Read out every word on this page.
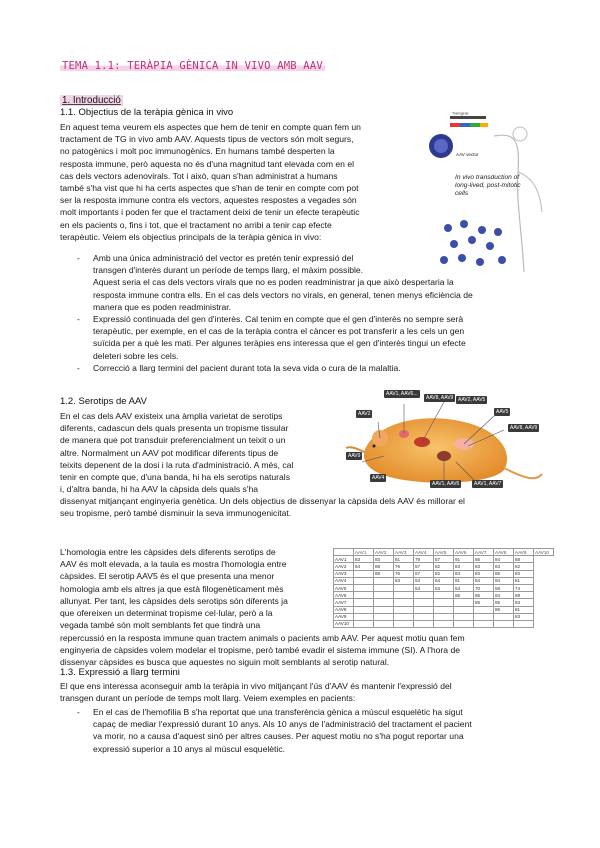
TEMA 1.1: TERÀPIA GÈNICA IN VIVO AMB AAV
1. Introducció
1.1. Objectius de la teràpia gènica in vivo
En aquest tema veurem els aspectes que hem de tenir en compte quan fem un
tractament de TG in vivo amb AAV. Aquests tipus de vectors són molt segurs,
no patogènics i molt poc immunogènics. En humans també desperten la
resposta immune, però aquesta no és d'una magnitud tant elevada com en el
cas dels vectors adenovirals. Tot i això, quan s'han administrat a humans
també s'ha vist que hi ha certs aspectes que s'han de tenir en compte com pot
ser la resposta immune contra els vectors, aquestes respostes a vegades són
molt importants i poden fer que el tractament deixi de tenir un efecte terapèutic
en els pacients o, fins i tot, que el tractament no arribi a tenir cap efecte
terapèutic. Veiem els objectius principals de la teràpia gènica in vivo:
Transgene
AAV vector
In vivo transduction of long-lived, post-mitotic cells
- Amb una única administració del vector es pretén tenir expressió del
transgen d'interès durant un període de temps llarg, el màxim possible.
Aquest seria el cas dels vectors virals que no es poden readministrar ja que això despertaria la
resposta immune contra ells. En el cas dels vectors no virals, en general, tenen menys eficiència de
manera que es poden readministrar.
- Expressió continuada del gen d'interès. Cal tenim en compte que el gen d'interès no sempre serà
terapèutic, per exemple, en el cas de la teràpia contra el càncer es pot transferir a les cels un gen
suïcida per a què les mati. Per algunes teràpies ens interessa que el gen d'interès tingui un efecte
deleteri sobre les cels.
- Correcció a llarg termini del pacient durant tota la seva vida o cura de la malaltia.
1.2. Serotips de AAV
En el cas dels AAV existeix una àmplia varietat de serotips
diferents, cadascun dels quals presenta un tropisme tissular
de manera que pot transduir preferencialment un teixit o un
altre. Normalment un AAV pot modificar diferents tipus de
teixits depenent de la dosi i la ruta d'administració. A més, cal
tenir en compte que, d'una banda, hi ha els serotips naturals
i, d'altra banda, hi ha AAV la càpsida dels quals s'ha
dissenyat mitjançant enginyeria genètica. Un dels objectius de dissenyar la càpsida dels AAV és millorar el
seu tropisme, però també disminuir la seva immunogenicitat.
AAV1, AAV6...
AAV2
AAV8, AAV9 AAV2, AAV5
AAV5
AAV8, AAV9
AAV9
AAV4
AAV1, AAV6	AAV1, AAV7
L'homologia entre les càpsides dels diferents serotips de
AAV és molt elevada, a la taula es mostra l'homologia entre
càpsides. El serotip AAV5 és el que presenta una menor
homologia amb els altres ja que està filogenèticament més
allunyat. Per tant, les càpsides dels serotips són diferents ja
que ofereixen un determinat tropisme cel·lular, però a la
vegada també són molt semblants fet que tindrà una
	AAV1	AAV2	AAV3	AAV4	AAV5	AAV6	AAV7	AAV8	AAV9	AAV10
AAV1	83	83	81	79	57	91	85	84	88	
AAV2	64	88	76	57	82	83	83	83	82	
AAV3		88	76	57	82	83	83	85	83	
AAV4			63	53	64	81	84	84	81	
AAV5				53	63	53	70	58	74	
AAV6						85	85	84	89	
AAV7							85	85	83	
AAV8								86	81	
AAV9									83	
AAV10										
repercussió en la resposta immune quan tractem animals o pacients amb AAV. Per aquest motiu quan fem
enginyeria de càpsides volem modelar el tropisme, però també evadir el sistema immune (SI). A l'hora de
dissenyar càpsides es busca que aquestes no siguin molt semblants al serotip natural.
1.3. Expressió a llarg termini
El que ens interessa aconseguir amb la teràpia in vivo mitjançant l'ús d'AAV és mantenir l'expressió del
transgen durant un període de temps molt llarg. Veiem exemples en pacients:
- En el cas de l'hemofília B s'ha reportat que una transferència gènica a múscul esquelètic ha sigut
capaç de mediar l'expressió durant 10 anys. Als 10 anys de l'administració del tractament el pacient
va morir, no a causa d'aquest sinó per altres causes. Per aquest motiu no s'ha pogut reportar una
expressió superior a 10 anys al múscul esquelètic.
